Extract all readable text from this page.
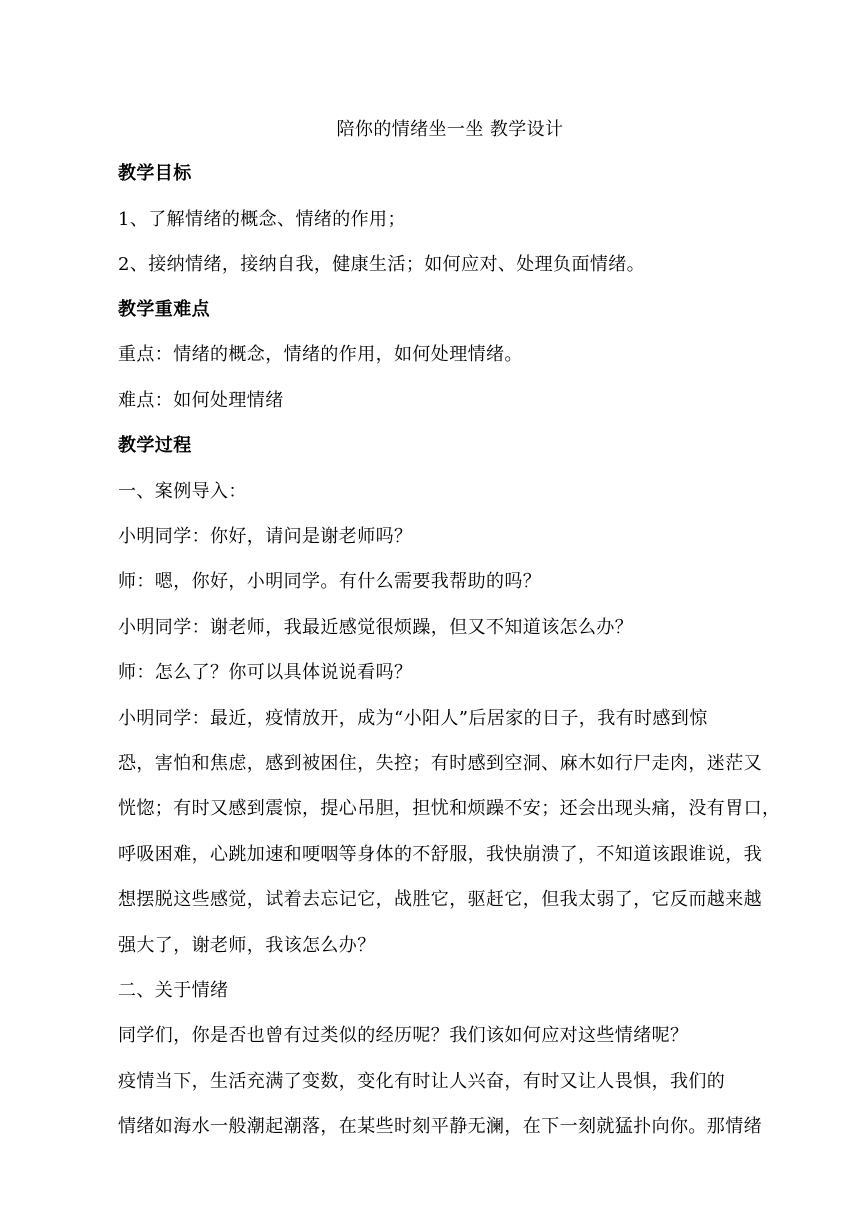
陪你的情绪坐一坐 教学设计
教学目标
1、了解情绪的概念、情绪的作用；
2、接纳情绪，接纳自我，健康生活；如何应对、处理负面情绪。
教学重难点
重点：情绪的概念，情绪的作用，如何处理情绪。
难点：如何处理情绪
教学过程
一、案例导入：
小明同学：你好，请问是谢老师吗？
师：嗯，你好，小明同学。有什么需要我帮助的吗？
小明同学：谢老师，我最近感觉很烦躁，但又不知道该怎么办？
师：怎么了？你可以具体说说看吗？
小明同学：最近，疫情放开，成为“小阳人”后居家的日子，我有时感到惊
恐，害怕和焦虑，感到被困住，失控；有时感到空洞、麻木如行尸走肉，迷茫又
恍惚；有时又感到震惊，提心吊胆，担忧和烦躁不安；还会出现头痛，没有胃口，
呼吸困难，心跳加速和哽咽等身体的不舒服，我快崩溃了，不知道该跟谁说，我
想摆脱这些感觉，试着去忘记它，战胜它，驱赶它，但我太弱了，它反而越来越
强大了，谢老师，我该怎么办？
二、关于情绪
同学们，你是否也曾有过类似的经历呢？我们该如何应对这些情绪呢？
疫情当下，生活充满了变数，变化有时让人兴奋，有时又让人畏惧，我们的
情绪如海水一般潮起潮落，在某些时刻平静无澜，在下一刻就猛扑向你。那情绪
